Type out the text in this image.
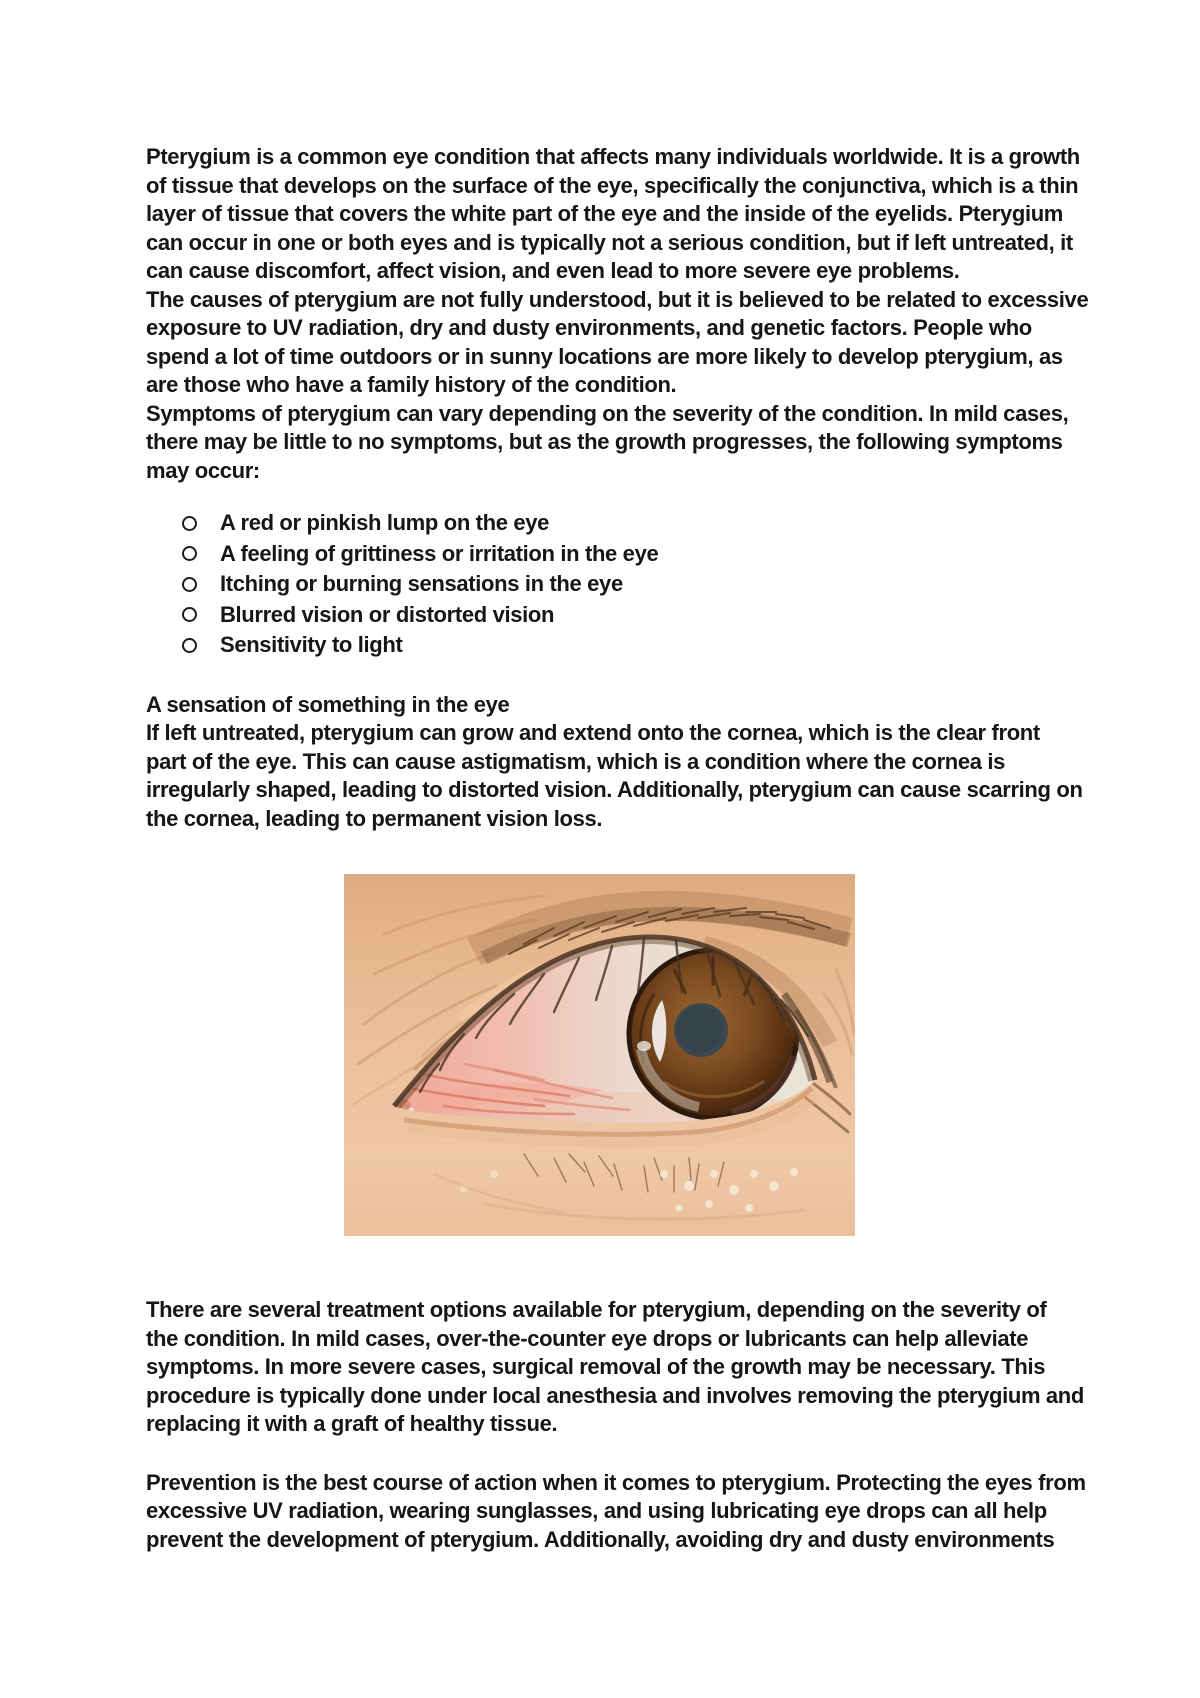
Pterygium is a common eye condition that affects many individuals worldwide. It is a growth
of tissue that develops on the surface of the eye, specifically the conjunctiva, which is a thin
layer of tissue that covers the white part of the eye and the inside of the eyelids. Pterygium
can occur in one or both eyes and is typically not a serious condition, but if left untreated, it
can cause discomfort, affect vision, and even lead to more severe eye problems.
The causes of pterygium are not fully understood, but it is believed to be related to excessive
exposure to UV radiation, dry and dusty environments, and genetic factors. People who
spend a lot of time outdoors or in sunny locations are more likely to develop pterygium, as
are those who have a family history of the condition.
Symptoms of pterygium can vary depending on the severity of the condition. In mild cases,
there may be little to no symptoms, but as the growth progresses, the following symptoms
may occur:
A red or pinkish lump on the eye
A feeling of grittiness or irritation in the eye
Itching or burning sensations in the eye
Blurred vision or distorted vision
Sensitivity to light
A sensation of something in the eye
If left untreated, pterygium can grow and extend onto the cornea, which is the clear front
part of the eye. This can cause astigmatism, which is a condition where the cornea is
irregularly shaped, leading to distorted vision. Additionally, pterygium can cause scarring on
the cornea, leading to permanent vision loss.
There are several treatment options available for pterygium, depending on the severity of
the condition. In mild cases, over-the-counter eye drops or lubricants can help alleviate
symptoms. In more severe cases, surgical removal of the growth may be necessary. This
procedure is typically done under local anesthesia and involves removing the pterygium and
replacing it with a graft of healthy tissue.
Prevention is the best course of action when it comes to pterygium. Protecting the eyes from
excessive UV radiation, wearing sunglasses, and using lubricating eye drops can all help
prevent the development of pterygium. Additionally, avoiding dry and dusty environments
